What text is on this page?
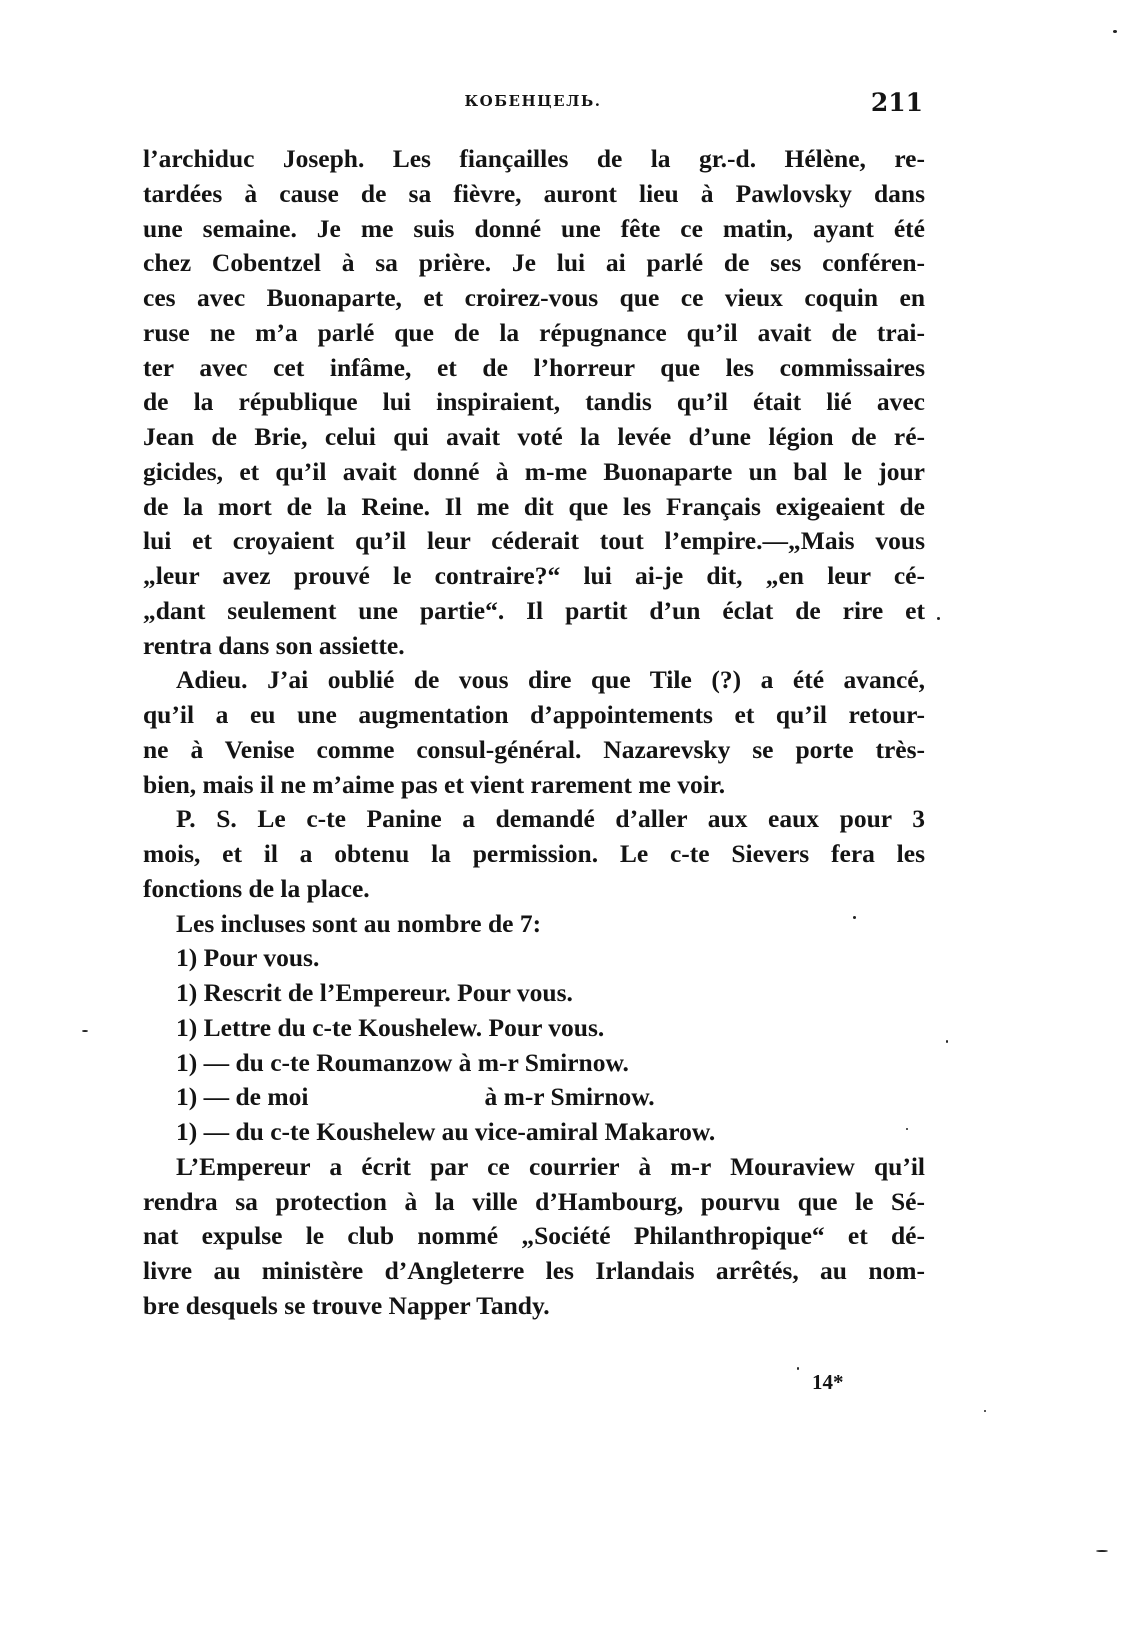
КОБЕНЦЕЛЬ.	211
l’archiduc Joseph. Les fiançailles de la gr.-d. Hélène, re-
tardées à cause de sa fièvre, auront lieu à Pawlovsky dans
une semaine. Je me suis donné une fête ce matin, ayant été
chez Cobentzel à sa prière. Je lui ai parlé de ses conféren-
ces avec Buonaparte, et croirez-vous que ce vieux coquin en
ruse ne m’a parlé que de la répugnance qu’il avait de trai-
ter avec cet infâme, et de l’horreur que les commissaires
de la république lui inspiraient, tandis qu’il était lié avec
Jean de Brie, celui qui avait voté la levée d’une légion de ré-
gicides, et qu’il avait donné à m-me Buonaparte un bal le jour
de la mort de la Reine. Il me dit que les Français exigeaient de
lui et croyaient qu’il leur céderait tout l’empire.—„Mais vous
„leur avez prouvé le contraire?“ lui ai-je dit, „en leur cé-
„dant seulement une partie“. Il partit d’un éclat de rire et
rentra dans son assiette.
Adieu. J’ai oublié de vous dire que Tile (?) a été avancé,
qu’il a eu une augmentation d’appointements et qu’il retour-
ne à Venise comme consul-général. Nazarevsky se porte très-
bien, mais il ne m’aime pas et vient rarement me voir.
P. S. Le c-te Panine a demandé d’aller aux eaux pour 3
mois, et il a obtenu la permission. Le c-te Sievers fera les
fonctions de la place.
Les incluses sont au nombre de 7:
1) Pour vous.
1) Rescrit de l’Empereur. Pour vous.
1) Lettre du c-te Koushelew. Pour vous.
1) — du c-te Roumanzow à m-r Smirnow.
1) — de moi	à m-r Smirnow.
1) — du c-te Koushelew au vice-amiral Makarow.
L’Empereur a écrit par ce courrier à m-r Mouraview qu’il
rendra sa protection à la ville d’Hambourg, pourvu que le Sé-
nat expulse le club nommé „Société Philanthropique“ et dé-
livre au ministère d’Angleterre les Irlandais arrêtés, au nom-
bre desquels se trouve Napper Tandy.
14*
